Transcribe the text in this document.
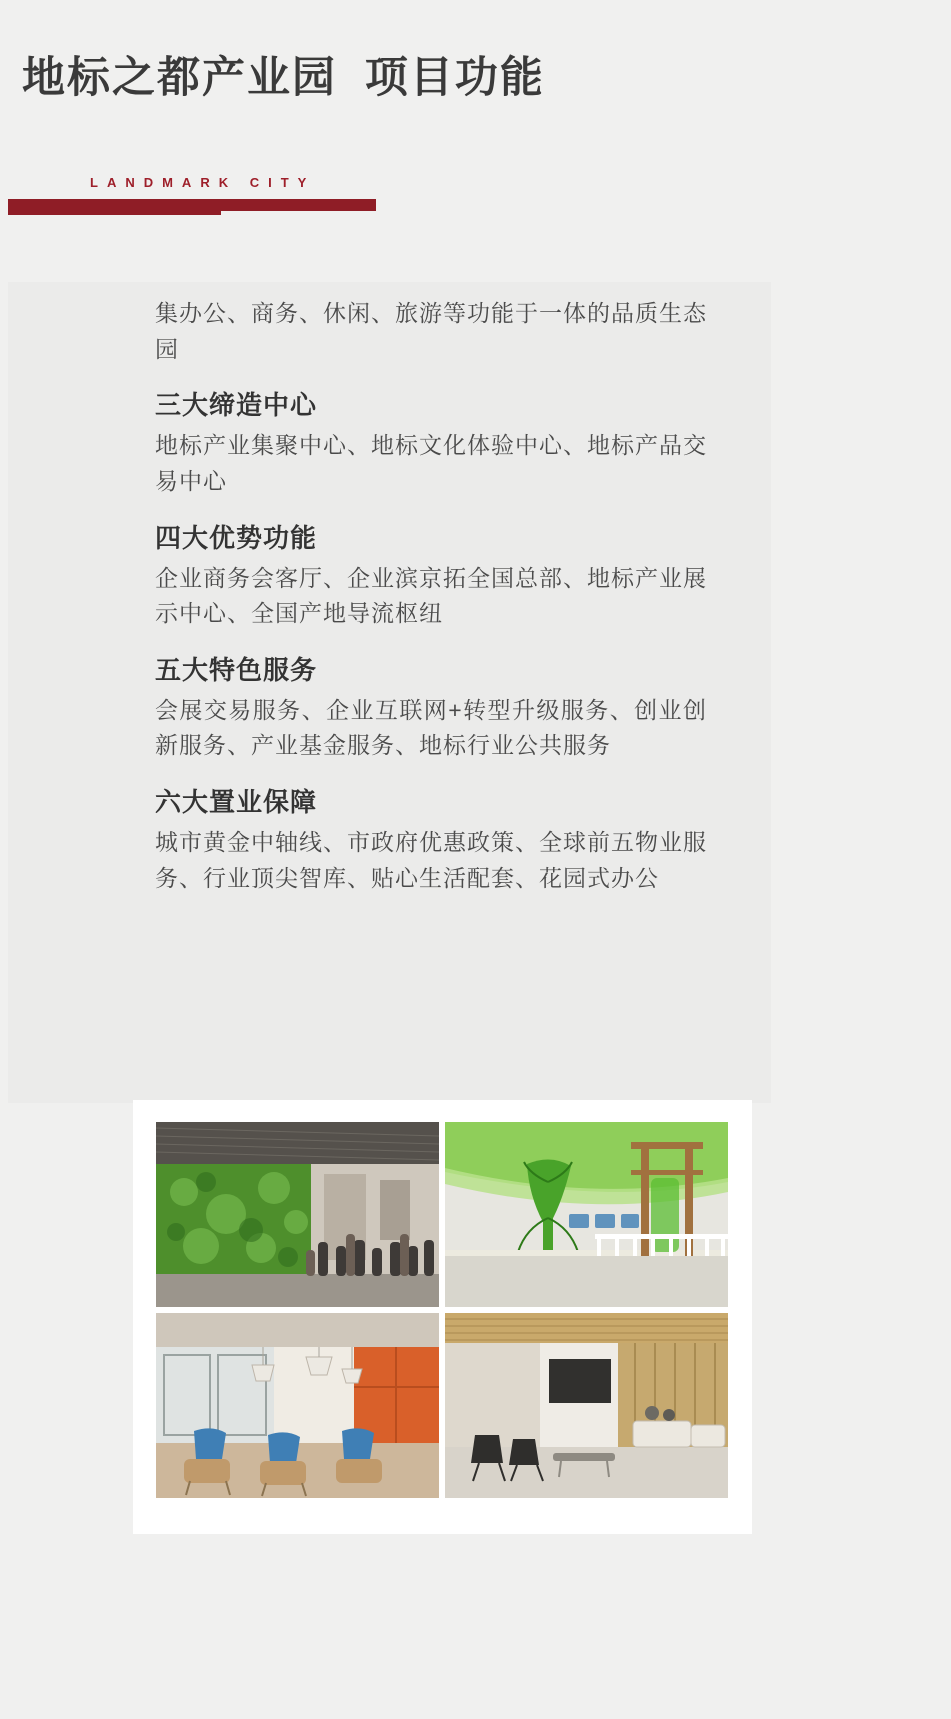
地标之都产业园  项目功能
LANDMARK CITY
集办公、商务、休闲、旅游等功能于一体的品质生态园
三大缔造中心

地标产业集聚中心、地标文化体验中心、地标产品交易中心

四大优势功能

企业商务会客厅、企业滨京拓全国总部、地标产业展示中心、全国产地导流枢纽

五大特色服务

会展交易服务、企业互联网+转型升级服务、创业创新服务、产业基金服务、地标行业公共服务

六大置业保障

城市黄金中轴线、市政府优惠政策、全球前五物业服务、行业顶尖智库、贴心生活配套、花园式办公
